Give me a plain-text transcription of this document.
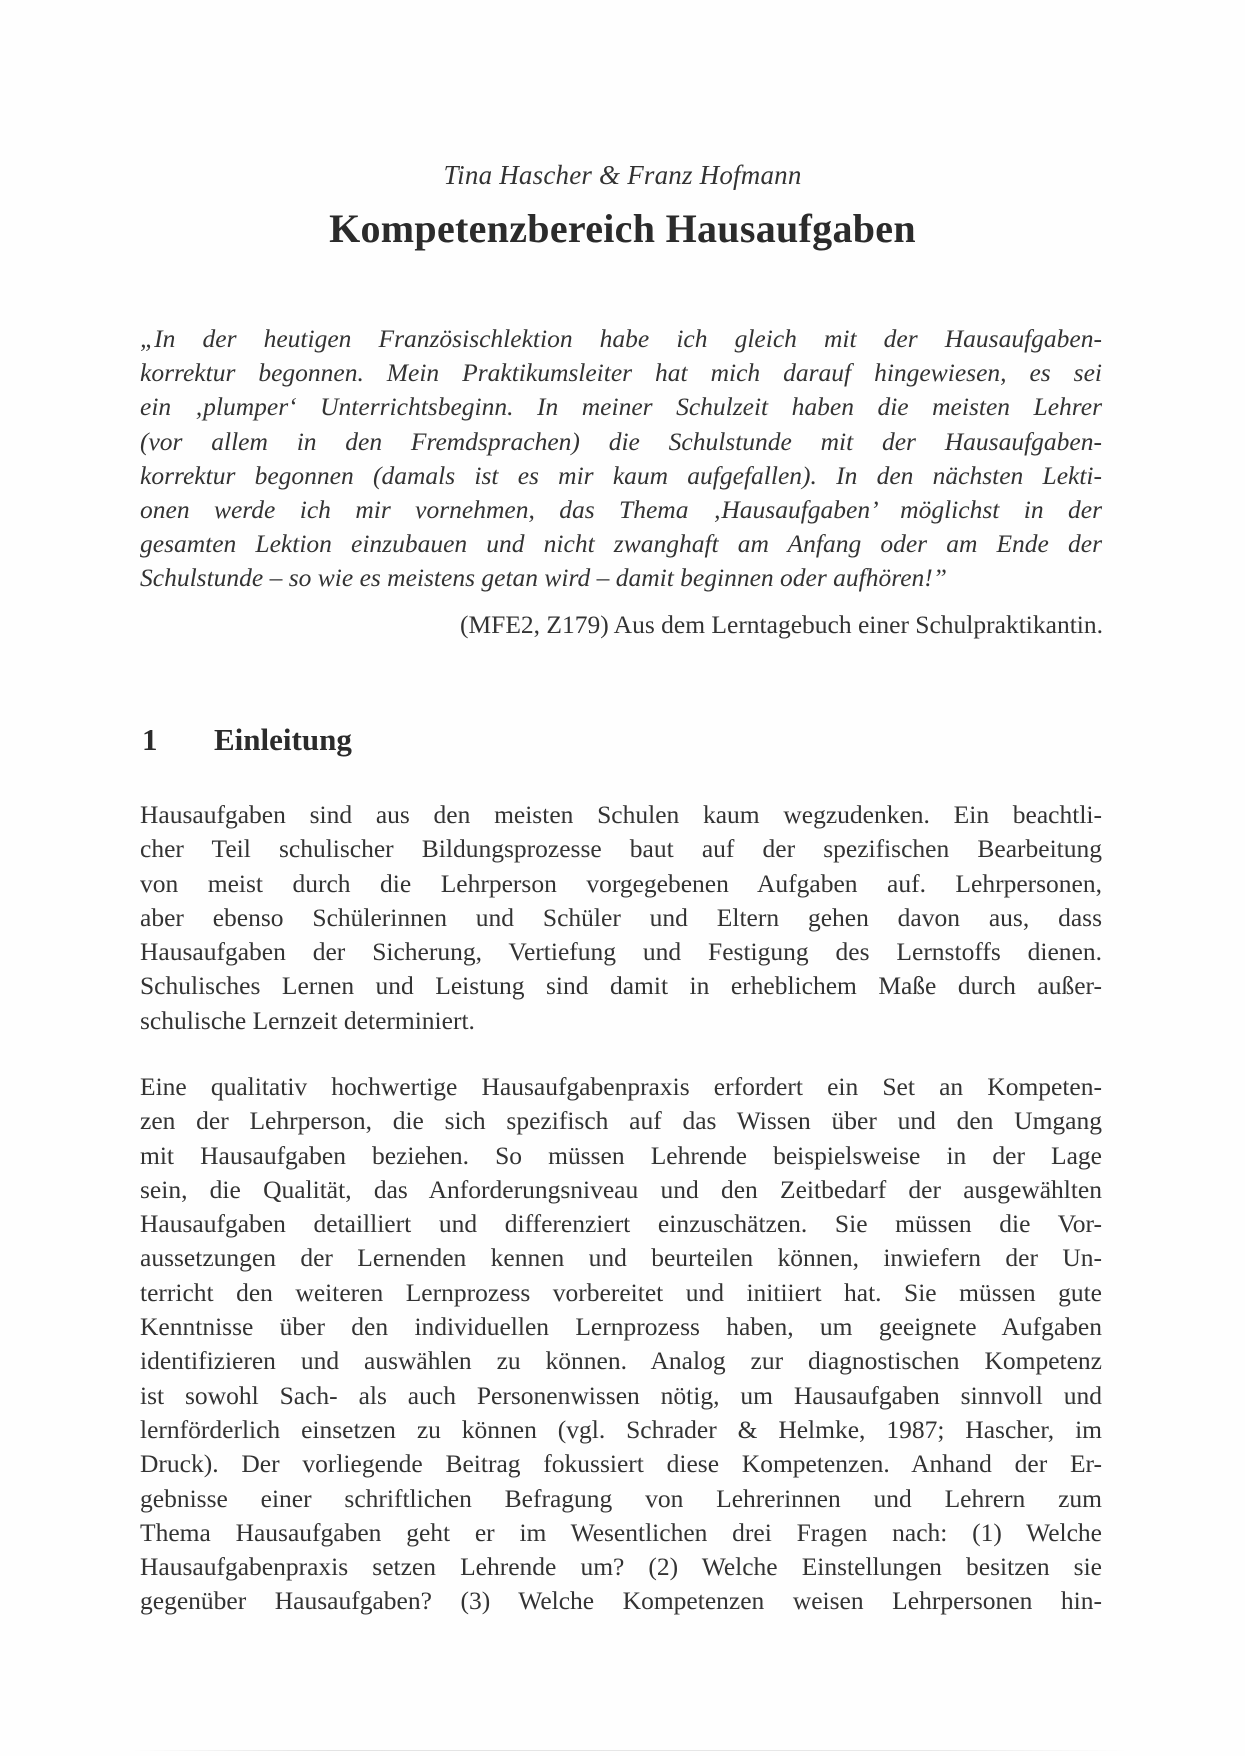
Tina Hascher & Franz Hofmann
Kompetenzbereich Hausaufgaben
„In der heutigen Französischlektion habe ich gleich mit der Hausaufgaben-
korrektur begonnen. Mein Praktikumsleiter hat mich darauf hingewiesen, es sei
ein ‚plumper‘ Unterrichtsbeginn. In meiner Schulzeit haben die meisten Lehrer
(vor allem in den Fremdsprachen) die Schulstunde mit der Hausaufgaben-
korrektur begonnen (damals ist es mir kaum aufgefallen). In den nächsten Lekti-
onen werde ich mir vornehmen, das Thema ‚Hausaufgaben’ möglichst in der
gesamten Lektion einzubauen und nicht zwanghaft am Anfang oder am Ende der
Schulstunde – so wie es meistens getan wird – damit beginnen oder aufhören!”
(MFE2, Z179) Aus dem Lerntagebuch einer Schulpraktikantin.
1 Einleitung
Hausaufgaben sind aus den meisten Schulen kaum wegzudenken. Ein beachtli-
cher Teil schulischer Bildungsprozesse baut auf der spezifischen Bearbeitung
von meist durch die Lehrperson vorgegebenen Aufgaben auf. Lehrpersonen,
aber ebenso Schülerinnen und Schüler und Eltern gehen davon aus, dass
Hausaufgaben der Sicherung, Vertiefung und Festigung des Lernstoffs dienen.
Schulisches Lernen und Leistung sind damit in erheblichem Maße durch außer-
schulische Lernzeit determiniert.
Eine qualitativ hochwertige Hausaufgabenpraxis erfordert ein Set an Kompeten-
zen der Lehrperson, die sich spezifisch auf das Wissen über und den Umgang
mit Hausaufgaben beziehen. So müssen Lehrende beispielsweise in der Lage
sein, die Qualität, das Anforderungsniveau und den Zeitbedarf der ausgewählten
Hausaufgaben detailliert und differenziert einzuschätzen. Sie müssen die Vor-
aussetzungen der Lernenden kennen und beurteilen können, inwiefern der Un-
terricht den weiteren Lernprozess vorbereitet und initiiert hat. Sie müssen gute
Kenntnisse über den individuellen Lernprozess haben, um geeignete Aufgaben
identifizieren und auswählen zu können. Analog zur diagnostischen Kompetenz
ist sowohl Sach- als auch Personenwissen nötig, um Hausaufgaben sinnvoll und
lernförderlich einsetzen zu können (vgl. Schrader & Helmke, 1987; Hascher, im
Druck). Der vorliegende Beitrag fokussiert diese Kompetenzen. Anhand der Er-
gebnisse einer schriftlichen Befragung von Lehrerinnen und Lehrern zum
Thema Hausaufgaben geht er im Wesentlichen drei Fragen nach: (1) Welche
Hausaufgabenpraxis setzen Lehrende um? (2) Welche Einstellungen besitzen sie
gegenüber Hausaufgaben? (3) Welche Kompetenzen weisen Lehrpersonen hin-
